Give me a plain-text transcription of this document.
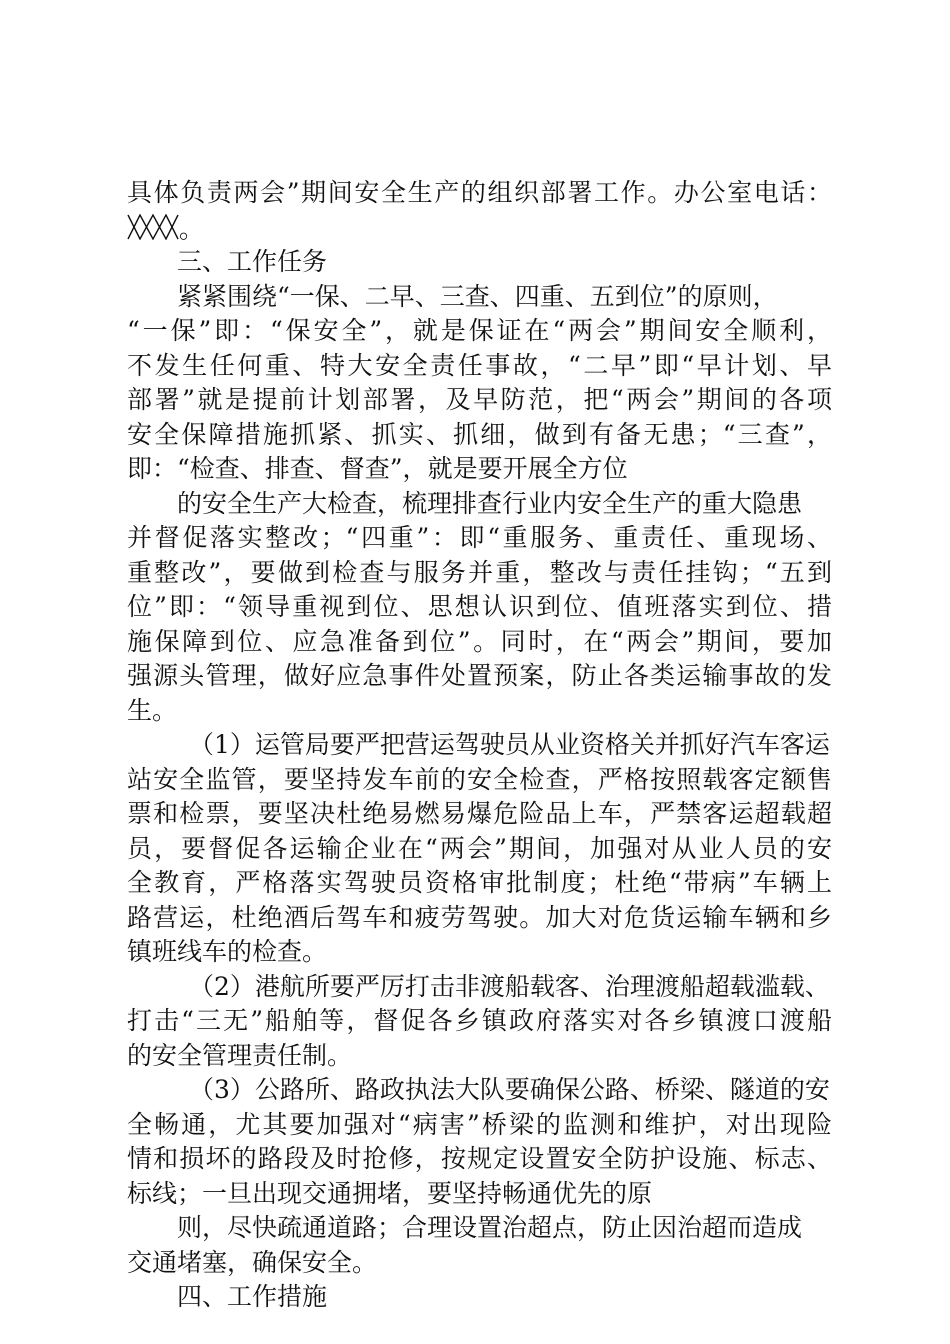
具体负责两会”期间安全生产的组织部署工作。办公室电话：
。
三、工作任务
紧紧围绕“一保、二早、三查、四重、五到位”的原则，
“一保”即：“保安全”，就是保证在“两会”期间安全顺利，
不发生任何重、特大安全责任事故，“二早”即“早计划、早
部署”就是提前计划部署，及早防范，把“两会”期间的各项
安全保障措施抓紧、抓实、抓细，做到有备无患；“三查”，
即：“检查、排查、督查”，就是要开展全方位
的安全生产大检查，梳理排查行业内安全生产的重大隐患
并督促落实整改；“四重”：即“重服务、重责任、重现场、
重整改”，要做到检查与服务并重，整改与责任挂钩；“五到
位”即：“领导重视到位、思想认识到位、值班落实到位、措
施保障到位、应急准备到位”。同时，在“两会”期间，要加
强源头管理，做好应急事件处置预案，防止各类运输事故的发
生。
（1）运管局要严把营运驾驶员从业资格关并抓好汽车客运
站安全监管，要坚持发车前的安全检查，严格按照载客定额售
票和检票，要坚决杜绝易燃易爆危险品上车，严禁客运超载超
员，要督促各运输企业在“两会”期间，加强对从业人员的安
全教育，严格落实驾驶员资格审批制度；杜绝“带病”车辆上
路营运，杜绝酒后驾车和疲劳驾驶。加大对危货运输车辆和乡
镇班线车的检查。
（2）港航所要严厉打击非渡船载客、治理渡船超载滥载、
打击“三无”船舶等，督促各乡镇政府落实对各乡镇渡口渡船
的安全管理责任制。
（3）公路所、路政执法大队要确保公路、桥梁、隧道的安
全畅通，尤其要加强对“病害”桥梁的监测和维护，对出现险
情和损坏的路段及时抢修，按规定设置安全防护设施、标志、
标线；一旦出现交通拥堵，要坚持畅通优先的原
则，尽快疏通道路；合理设置治超点，防止因治超而造成
交通堵塞，确保安全。
四、工作措施
